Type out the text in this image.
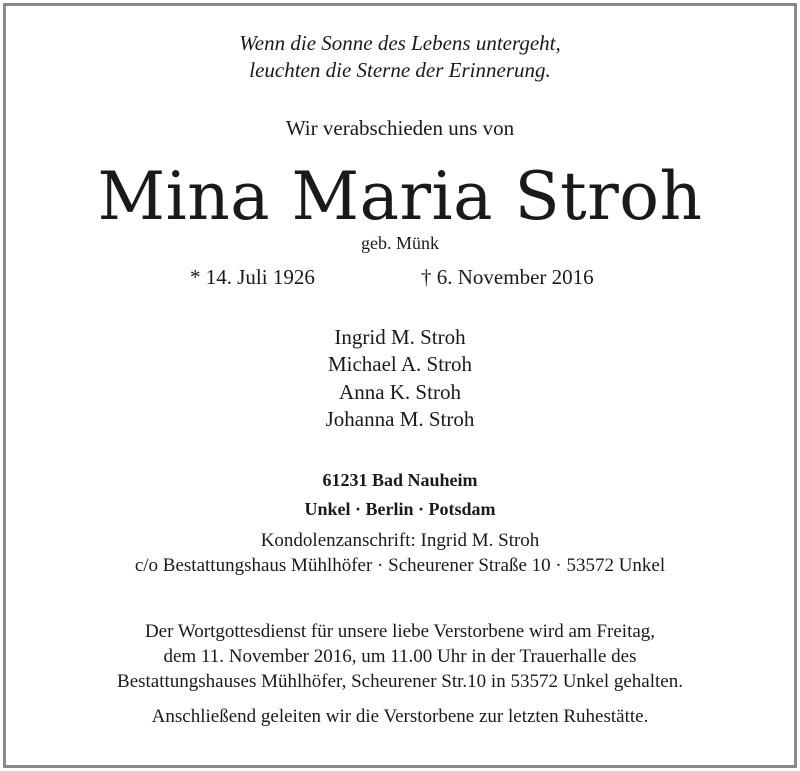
Wenn die Sonne des Lebens untergeht,
leuchten die Sterne der Erinnerung.
Wir verabschieden uns von
Mina Maria Stroh
geb. Münk
* 14. Juli 1926	† 6. November 2016
Ingrid M. Stroh
Michael A. Stroh
Anna K. Stroh
Johanna M. Stroh
61231 Bad Nauheim
Unkel · Berlin · Potsdam
Kondolenzanschrift: Ingrid M. Stroh
c/o Bestattungshaus Mühlhöfer · Scheurener Straße 10 · 53572 Unkel
Der Wortgottesdienst für unsere liebe Verstorbene wird am Freitag,
dem 11. November 2016, um 11.00 Uhr in der Trauerhalle des
Bestattungshauses Mühlhöfer, Scheurener Str.10 in 53572 Unkel gehalten.
Anschließend geleiten wir die Verstorbene zur letzten Ruhestätte.
